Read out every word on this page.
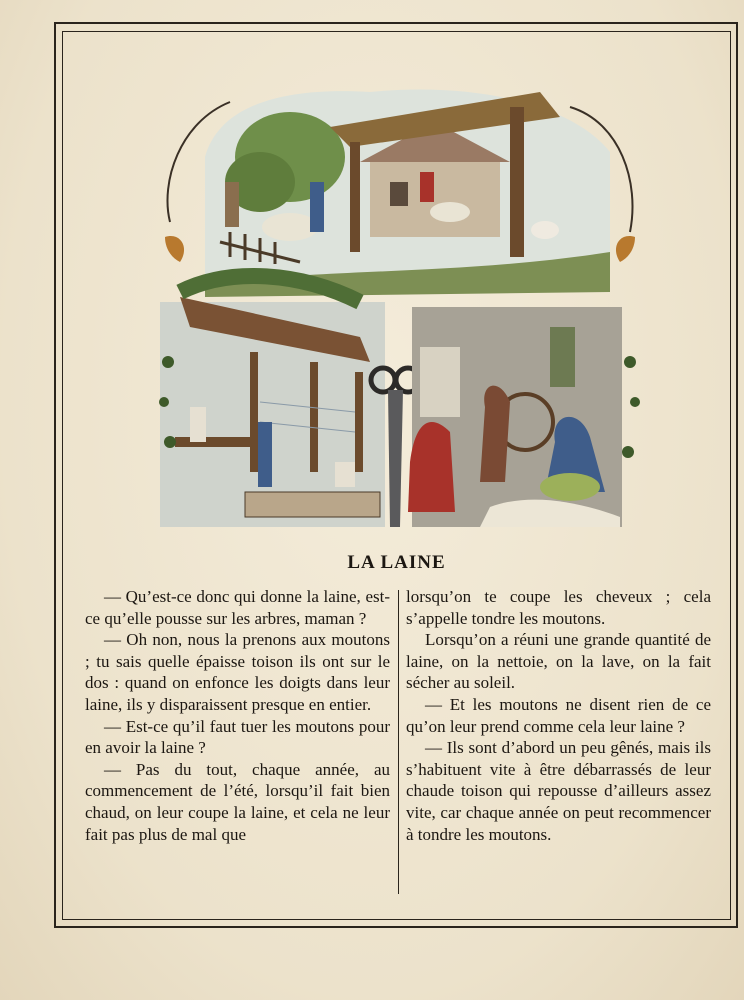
LA LAINE

— Qu’est-ce donc qui donne la laine, est-ce qu’elle pousse sur les arbres, maman ?

— Oh non, nous la prenons aux moutons ; tu sais quelle épaisse toison ils ont sur le dos : quand on enfonce les doigts dans leur laine, ils y disparaissent presque en entier.

— Est-ce qu’il faut tuer les moutons pour en avoir la laine ?

— Pas du tout, chaque année, au commencement de l’été, lorsqu’il fait bien chaud, on leur coupe la laine, et cela ne leur fait pas plus de mal que

lorsqu’on te coupe les cheveux ; cela s’appelle tondre les moutons.

Lorsqu’on a réuni une grande quantité de laine, on la nettoie, on la lave, on la fait sécher au soleil.

— Et les moutons ne disent rien de ce qu’on leur prend comme cela leur laine ?

— Ils sont d’abord un peu gênés, mais ils s’habituent vite à être débarrassés de leur chaude toison qui repousse d’ailleurs assez vite, car chaque année on peut recommencer à tondre les moutons.
